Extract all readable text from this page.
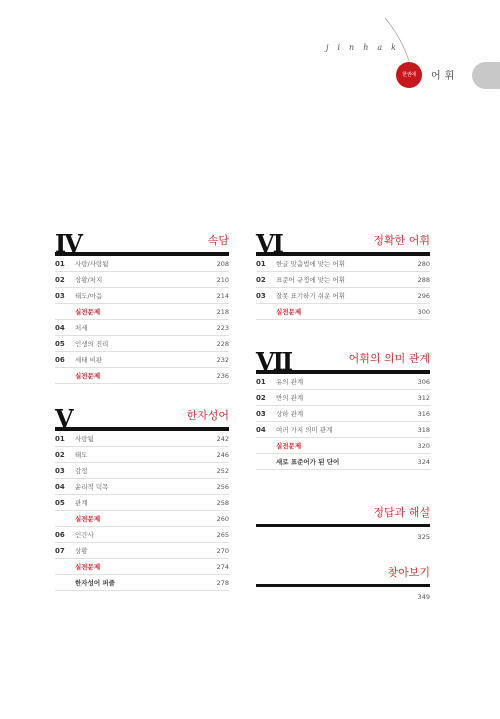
jinhak
한권에	어휘
IV	속담
01	사랑/사랑됨	208
02	상황/처지	210
03	태도/마음	214
실전문제	218
04	처세	223
05	인생의 진리	228
06	세태 비판	232
실전문제	236
V	한자성어
01	사랑됨	242
02	태도	246
03	감정	252
04	윤리적 덕목	256
05	관계	258
실전문제	260
06	인간사	265
07	상황	270
실전문제	274
한자성어 퍼즐	278
VI	정확한 어휘
01	한글 맞춤법에 맞는 어휘	280
02	표준어 규정에 맞는 어휘	288
03	잘못 표기하기 쉬운 어휘	296
실전문제	300
VII	어휘의 의미 관계
01	유의 관계	306
02	반의 관계	312
03	상하 관계	316
04	여러 가지 의미 관계	318
실전문제	320
새로 표준어가 된 단어	324
정답과 해설
325
찾아보기
349
